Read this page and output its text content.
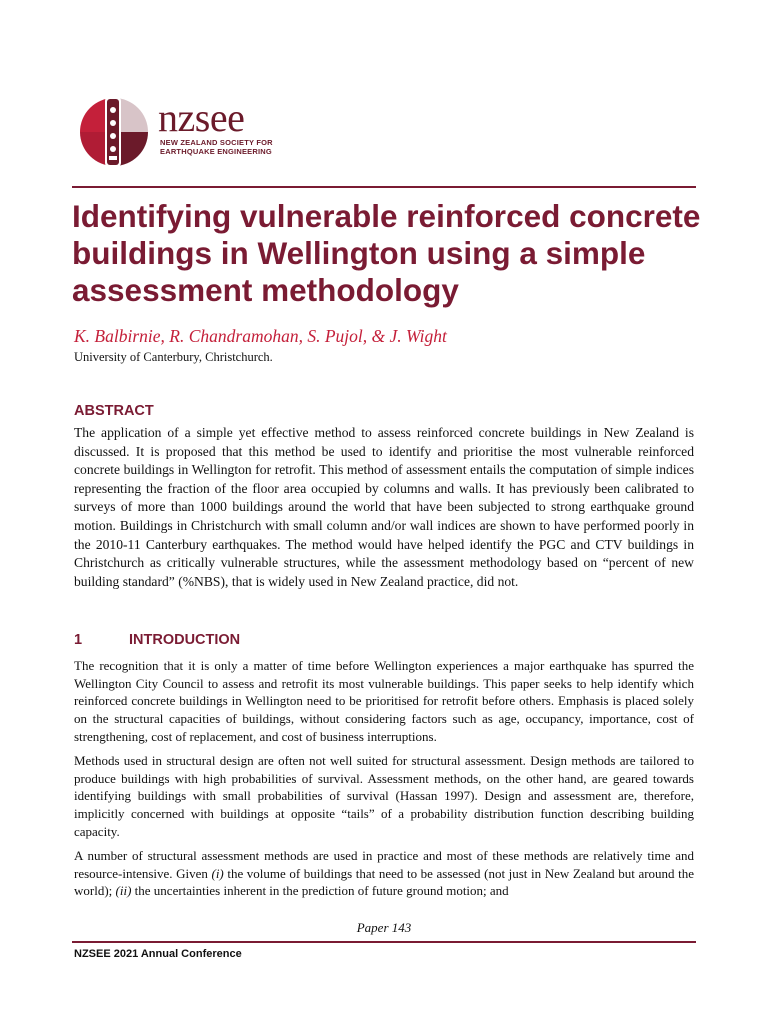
nzsee
NEW ZEALAND SOCIETY FOR EARTHQUAKE ENGINEERING
Identifying vulnerable reinforced concrete buildings in Wellington using a simple assessment methodology

K. Balbirnie, R. Chandramohan, S. Pujol, & J. Wight

University of Canterbury, Christchurch.

ABSTRACT

The application of a simple yet effective method to assess reinforced concrete buildings in New Zealand is discussed. It is proposed that this method be used to identify and prioritise the most vulnerable reinforced concrete buildings in Wellington for retrofit. This method of assessment entails the computation of simple indices representing the fraction of the floor area occupied by columns and walls. It has previously been calibrated to surveys of more than 1000 buildings around the world that have been subjected to strong earthquake ground motion. Buildings in Christchurch with small column and/or wall indices are shown to have performed poorly in the 2010-11 Canterbury earthquakes. The method would have helped identify the PGC and CTV buildings in Christchurch as critically vulnerable structures, while the assessment methodology based on “percent of new building standard” (%NBS), that is widely used in New Zealand practice, did not.

1	INTRODUCTION

The recognition that it is only a matter of time before Wellington experiences a major earthquake has spurred the Wellington City Council to assess and retrofit its most vulnerable buildings. This paper seeks to help identify which reinforced concrete buildings in Wellington need to be prioritised for retrofit before others. Emphasis is placed solely on the structural capacities of buildings, without considering factors such as age, occupancy, importance, cost of strengthening, cost of replacement, and cost of business interruptions.

Methods used in structural design are often not well suited for structural assessment. Design methods are tailored to produce buildings with high probabilities of survival. Assessment methods, on the other hand, are geared towards identifying buildings with small probabilities of survival (Hassan 1997). Design and assessment are, therefore, implicitly concerned with buildings at opposite “tails” of a probability distribution function describing building capacity.

A number of structural assessment methods are used in practice and most of these methods are relatively time and resource-intensive. Given (i) the volume of buildings that need to be assessed (not just in New Zealand but around the world); (ii) the uncertainties inherent in the prediction of future ground motion; and

Paper 143

NZSEE 2021 Annual Conference
